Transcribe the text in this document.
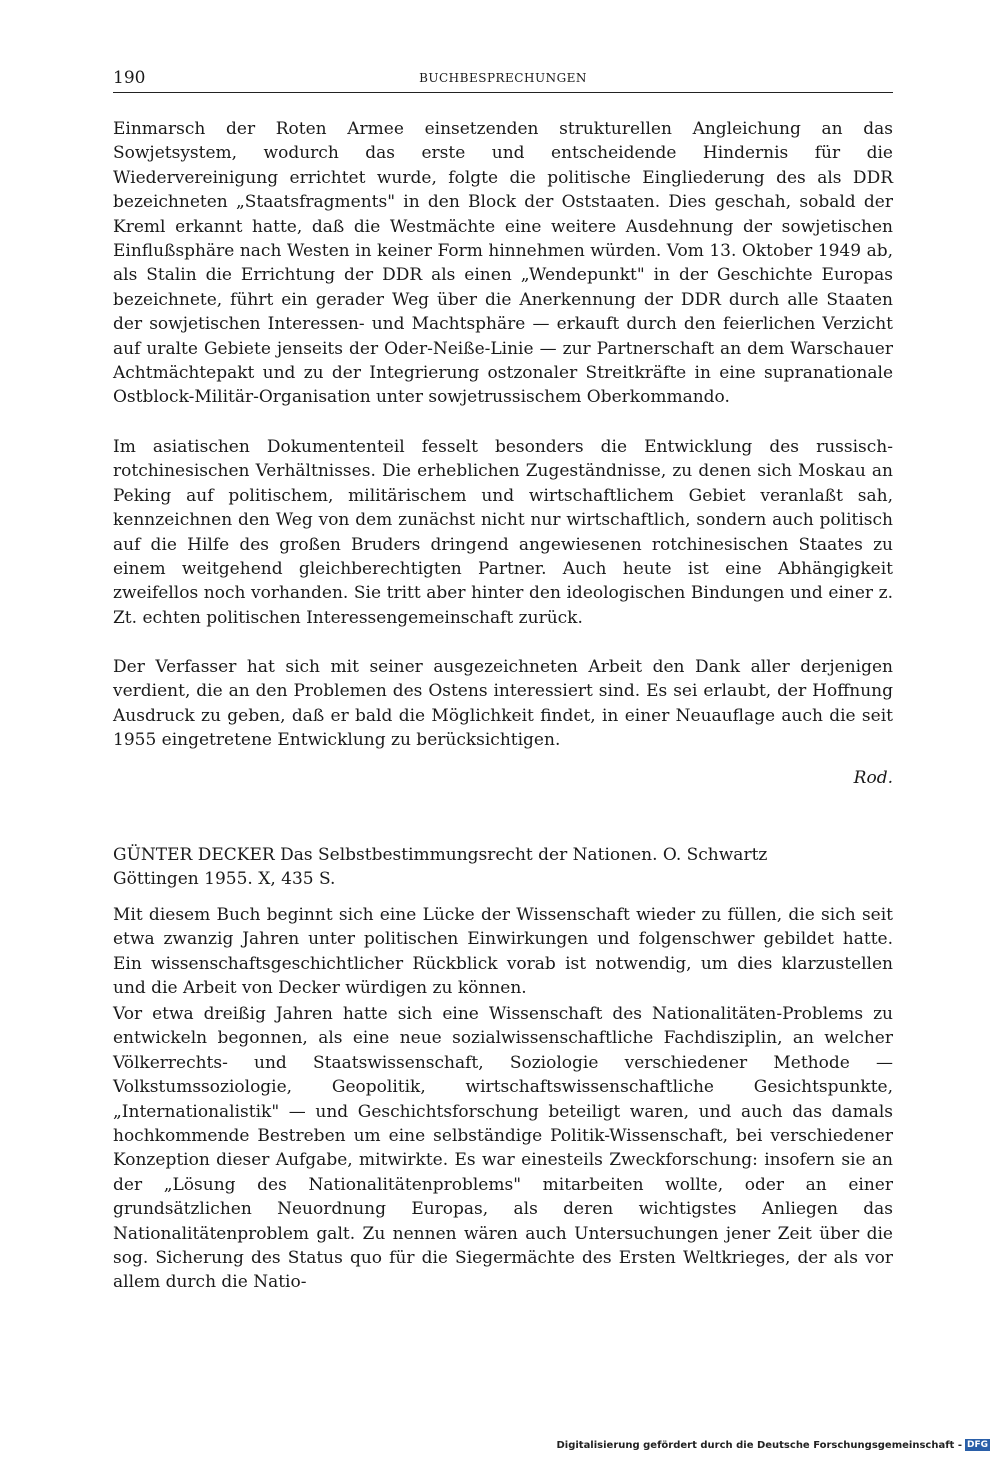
190	BUCHBESPRECHUNGEN

Einmarsch der Roten Armee einsetzenden strukturellen Angleichung an das Sowjetsystem, wodurch das erste und entscheidende Hindernis für die Wiedervereinigung errichtet wurde, folgte die politische Eingliederung des als DDR bezeichneten „Staatsfragments" in den Block der Oststaaten. Dies geschah, sobald der Kreml erkannt hatte, daß die Westmächte eine weitere Ausdehnung der sowjetischen Einflußsphäre nach Westen in keiner Form hinnehmen würden. Vom 13. Oktober 1949 ab, als Stalin die Errichtung der DDR als einen „Wendepunkt" in der Geschichte Europas bezeichnete, führt ein gerader Weg über die Anerkennung der DDR durch alle Staaten der sowjetischen Interessen- und Machtsphäre — erkauft durch den feierlichen Verzicht auf uralte Gebiete jenseits der Oder-Neiße-Linie — zur Partnerschaft an dem Warschauer Achtmächtepakt und zu der Integrierung ostzonaler Streitkräfte in eine supranationale Ostblock-Militär-Organisation unter sowjetrussischem Oberkommando.

Im asiatischen Dokumententeil fesselt besonders die Entwicklung des russisch-rotchinesischen Verhältnisses. Die erheblichen Zugeständnisse, zu denen sich Moskau an Peking auf politischem, militärischem und wirtschaftlichem Gebiet veranlaßt sah, kennzeichnen den Weg von dem zunächst nicht nur wirtschaftlich, sondern auch politisch auf die Hilfe des großen Bruders dringend angewiesenen rotchinesischen Staates zu einem weitgehend gleichberechtigten Partner. Auch heute ist eine Abhängigkeit zweifellos noch vorhanden. Sie tritt aber hinter den ideologischen Bindungen und einer z. Zt. echten politischen Interessengemeinschaft zurück.

Der Verfasser hat sich mit seiner ausgezeichneten Arbeit den Dank aller derjenigen verdient, die an den Problemen des Ostens interessiert sind. Es sei erlaubt, der Hoffnung Ausdruck zu geben, daß er bald die Möglichkeit findet, in einer Neuauflage auch die seit 1955 eingetretene Entwicklung zu berücksichtigen.

Rod.
GÜNTER DECKER Das Selbstbestimmungsrecht der Nationen. O. Schwartz
Göttingen 1955. X, 435 S.

Mit diesem Buch beginnt sich eine Lücke der Wissenschaft wieder zu füllen, die sich seit etwa zwanzig Jahren unter politischen Einwirkungen und folgenschwer gebildet hatte. Ein wissenschaftsgeschichtlicher Rückblick vorab ist notwendig, um dies klarzustellen und die Arbeit von Decker würdigen zu können.

Vor etwa dreißig Jahren hatte sich eine Wissenschaft des Nationalitäten-Problems zu entwickeln begonnen, als eine neue sozialwissenschaftliche Fachdisziplin, an welcher Völkerrechts- und Staatswissenschaft, Soziologie verschiedener Methode — Volkstumssoziologie, Geopolitik, wirtschaftswissenschaftliche Gesichtspunkte, „Internationalistik" — und Geschichtsforschung beteiligt waren, und auch das damals hochkommende Bestreben um eine selbständige Politik-Wissenschaft, bei verschiedener Konzeption dieser Aufgabe, mitwirkte. Es war einesteils Zweckforschung: insofern sie an der „Lösung des Nationalitätenproblems" mitarbeiten wollte, oder an einer grundsätzlichen Neuordnung Europas, als deren wichtigstes Anliegen das Nationalitätenproblem galt. Zu nennen wären auch Untersuchungen jener Zeit über die sog. Sicherung des Status quo für die Siegermächte des Ersten Weltkrieges, der als vor allem durch die Natio-

Digitalisierung gefördert durch die Deutsche Forschungsgemeinschaft - DFG
